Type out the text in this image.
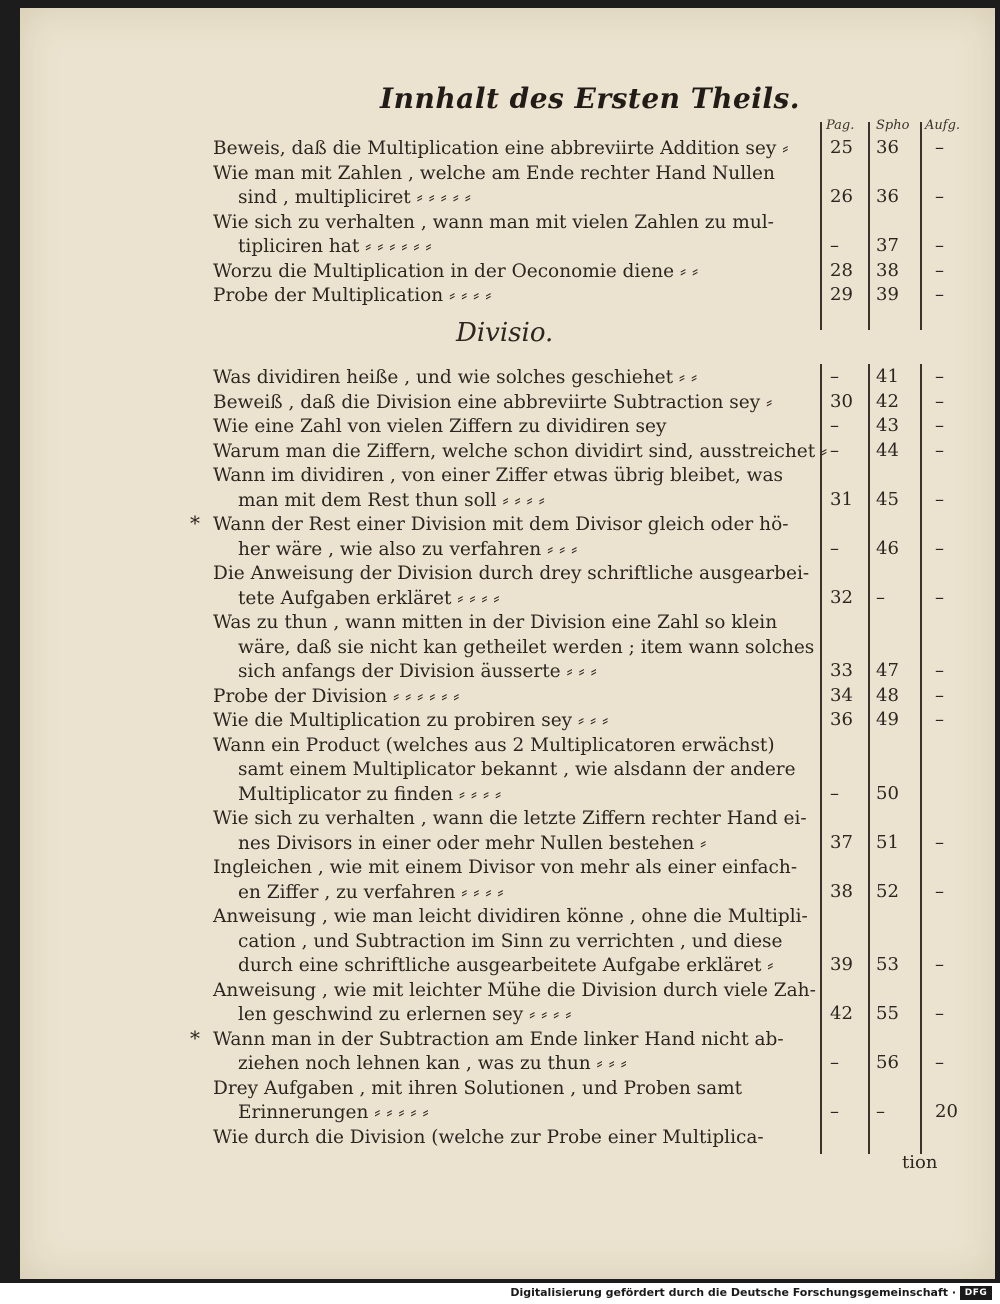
Innhalt des Ersten Theils.
Pag. Spho Aufg.
Divisio.
Beweis, daß die Multiplication eine abbreviirte Addition sey ⸗ 25 36 –
Wie man mit Zahlen , welche am Ende rechter Hand Nullen
sind , multipliciret ⸗ ⸗ ⸗ ⸗ ⸗	26 36 –
Wie sich zu verhalten , wann man mit vielen Zahlen zu mul-
tipliciren hat ⸗ ⸗ ⸗ ⸗ ⸗ ⸗	– 37 –
Worzu die Multiplication in der Oeconomie diene ⸗ ⸗	28 38 –
Probe der Multiplication ⸗ ⸗ ⸗ ⸗	29 39 –
Was dividiren heiße , und wie solches geschiehet ⸗ ⸗	– 41 –
Beweiß , daß die Division eine abbreviirte Subtraction sey ⸗	30 42 –
Wie eine Zahl von vielen Ziffern zu dividiren sey	– 43 –
Warum man die Ziffern, welche schon dividirt sind, ausstreichet ⸗ – 44 –
Wann im dividiren , von einer Ziffer etwas übrig bleibet, was
man mit dem Rest thun soll ⸗ ⸗ ⸗ ⸗	31 45 –
Wann der Rest einer Division mit dem Divisor gleich oder hö-
her wäre , wie also zu verfahren ⸗ ⸗ ⸗
*
– 46 –
Die Anweisung der Division durch drey schriftliche ausgearbei-
tete Aufgaben erkläret ⸗ ⸗ ⸗ ⸗	32 –	–
Was zu thun , wann mitten in der Division eine Zahl so klein
wäre, daß sie nicht kan getheilet werden ; item wann solches
sich anfangs der Division äusserte ⸗ ⸗ ⸗	33 47 –
Probe der Division ⸗ ⸗ ⸗ ⸗ ⸗ ⸗	34 48 –
Wie die Multiplication zu probiren sey ⸗ ⸗ ⸗	36 49 –
Wann ein Product (welches aus 2 Multiplicatoren erwächst)
samt einem Multiplicator bekannt , wie alsdann der andere
Multiplicator zu finden ⸗ ⸗ ⸗ ⸗	– 50
Wie sich zu verhalten , wann die letzte Ziffern rechter Hand ei-
nes Divisors in einer oder mehr Nullen bestehen ⸗	37 51 –
Ingleichen , wie mit einem Divisor von mehr als einer einfach-
en Ziffer , zu verfahren ⸗ ⸗ ⸗ ⸗	38 52 –
Anweisung , wie man leicht dividiren könne , ohne die Multipli-
cation , und Subtraction im Sinn zu verrichten , und diese
durch eine schriftliche ausgearbeitete Aufgabe erkläret ⸗	39 53 –
Anweisung , wie mit leichter Mühe die Division durch viele Zah-
len geschwind zu erlernen sey ⸗ ⸗ ⸗ ⸗	42 55 –
Wann man in der Subtraction am Ende linker Hand nicht ab-
ziehen noch lehnen kan , was zu thun ⸗ ⸗ ⸗
*
– 56 –
Drey Aufgaben , mit ihren Solutionen , und Proben samt
Erinnerungen ⸗ ⸗ ⸗ ⸗ ⸗	– –	20
Wie durch die Division (welche zur Probe einer Multiplica-
tion
Digitalisierung gefördert durch die Deutsche Forschungsgemeinschaft · DFG
